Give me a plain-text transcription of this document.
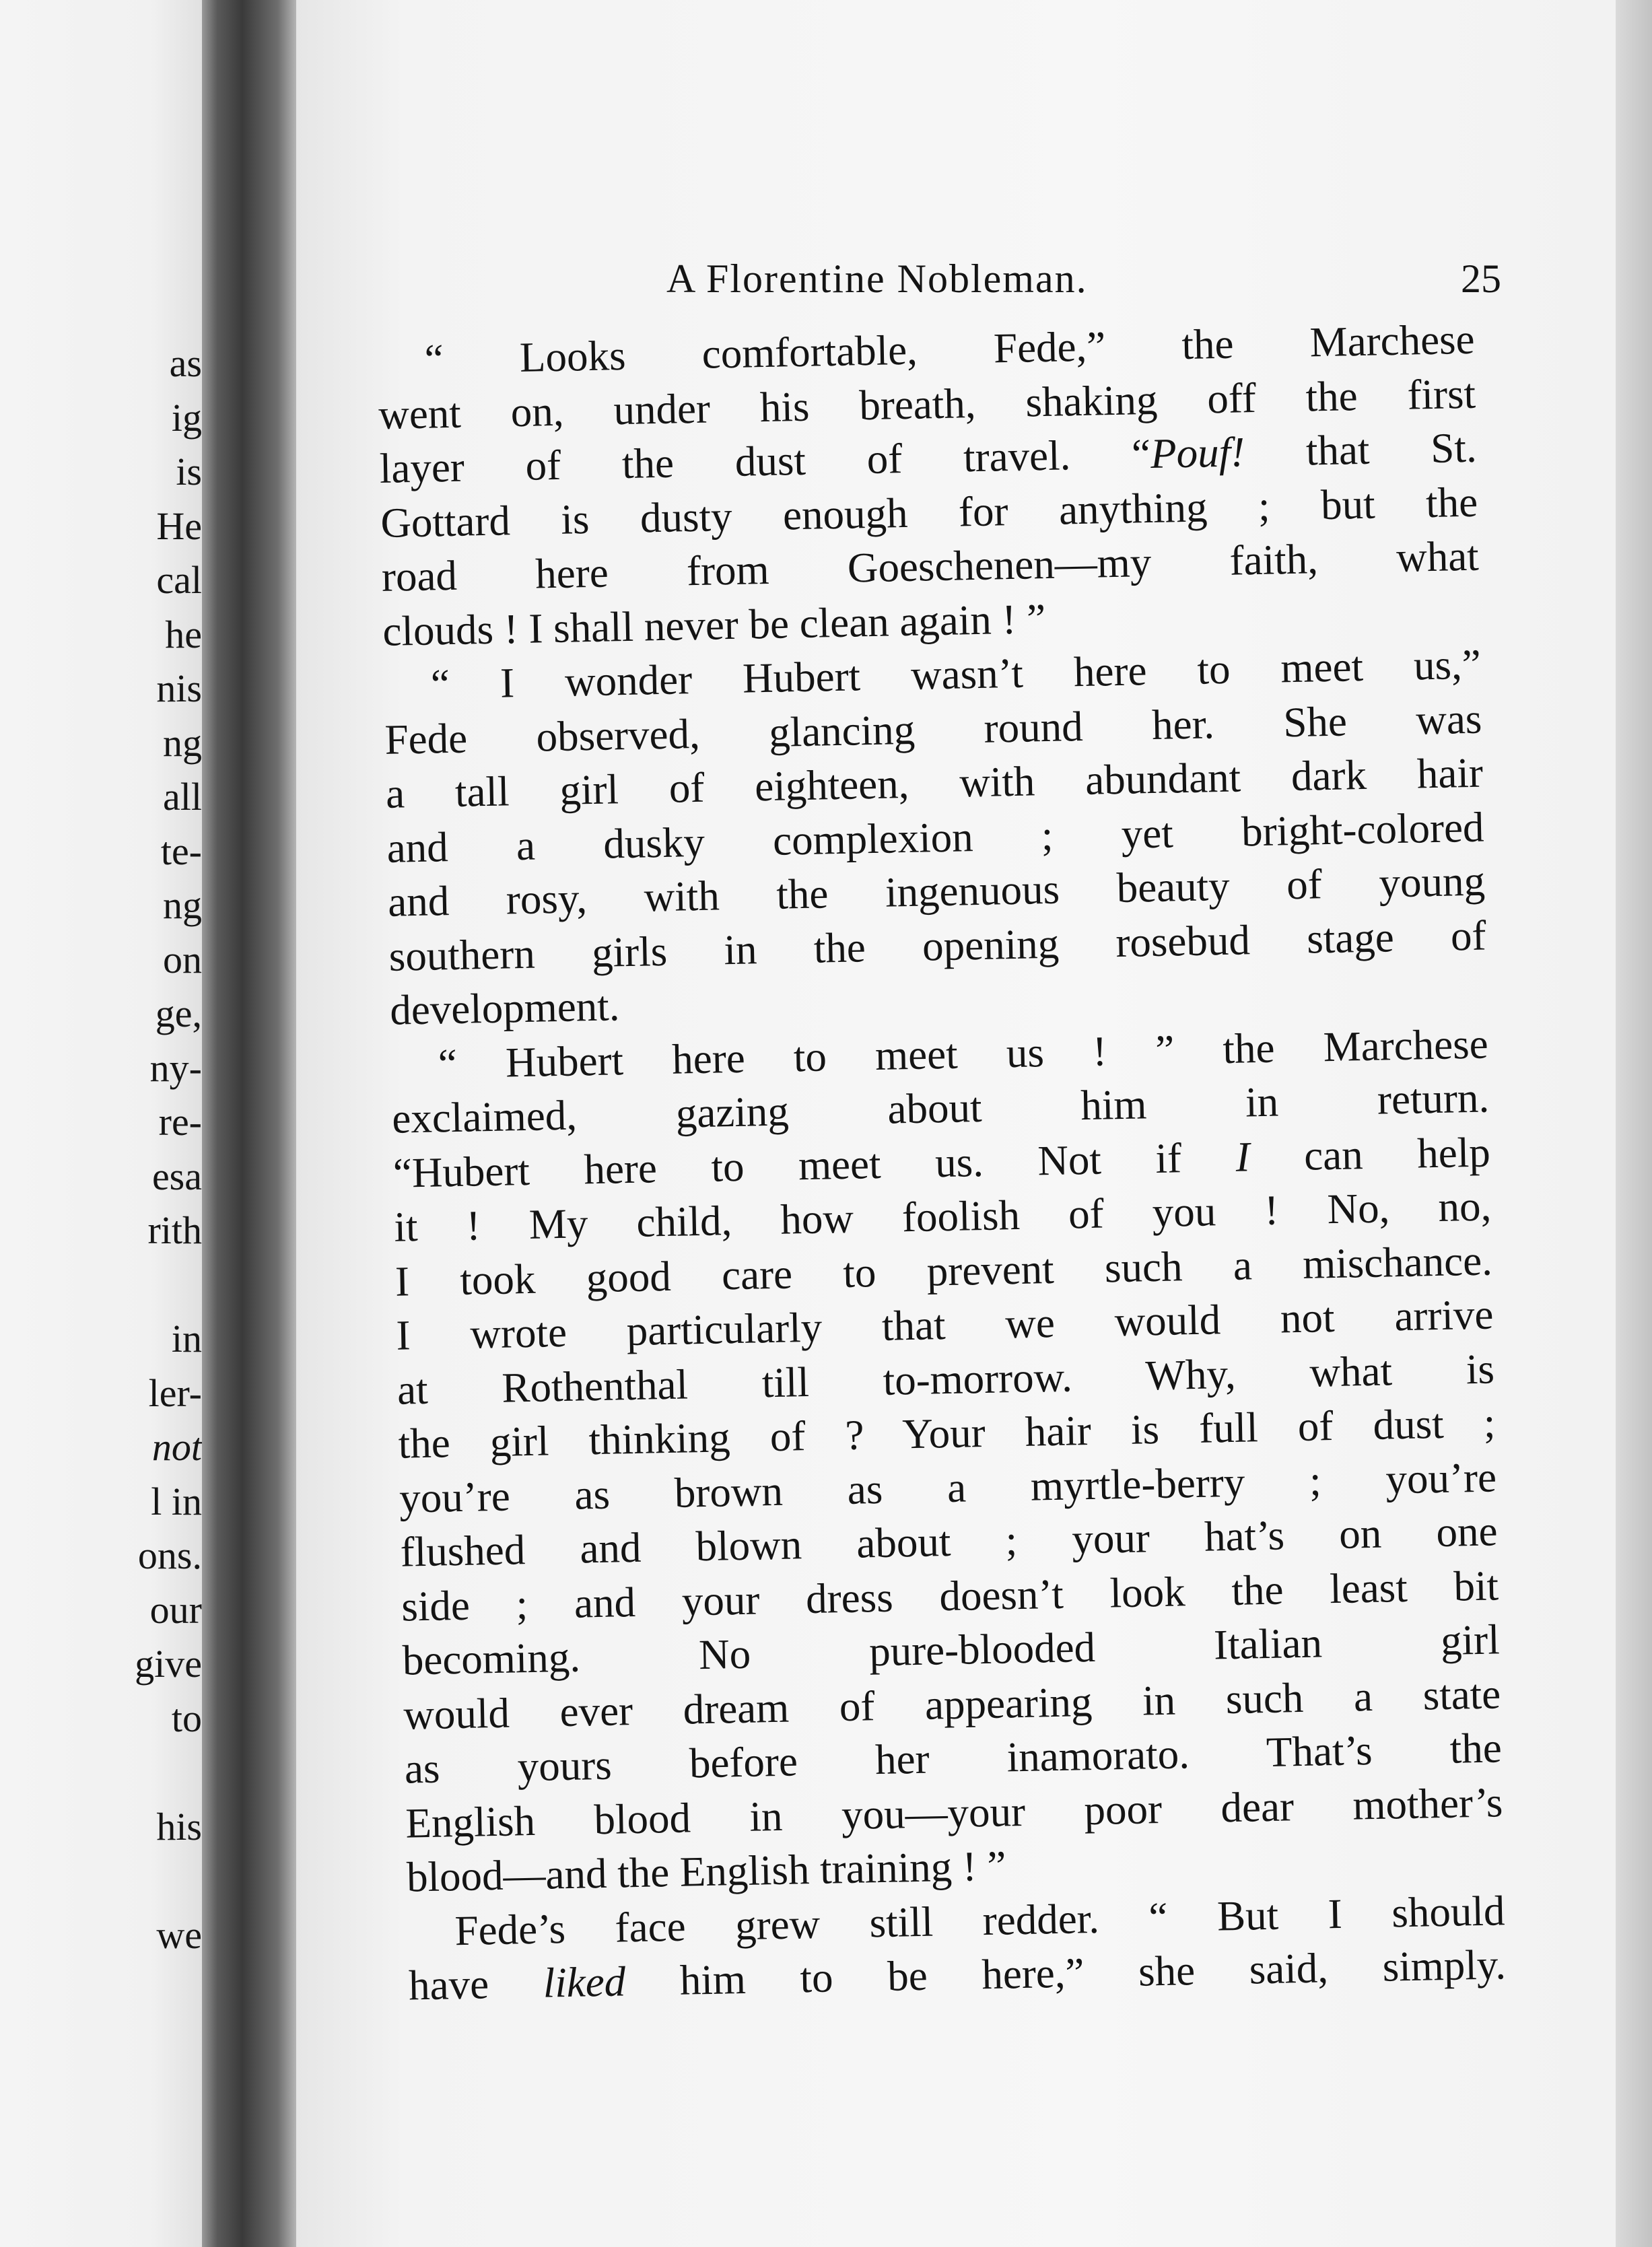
as
ig
is
He
cal
he
nis
ng
all
te-
ng
on
ge,
ny-
re-
esa
rith

in
ler-
not
l in
ons.
our
give
to

his

we
A Florentine Nobleman.	25
“ Looks comfortable, Fede,” the Marchese
went on, under his breath, shaking off the first
layer of the dust of travel. “Pouf! that St.
Gottard is dusty enough for anything ; but the
road here from Goeschenen—my faith, what
clouds ! I shall never be clean again ! ”
“ I wonder Hubert wasn’t here to meet us,”
Fede observed, glancing round her. She was
a tall girl of eighteen, with abundant dark hair
and a dusky complexion ; yet bright-colored
and rosy, with the ingenuous beauty of young
southern girls in the opening rosebud stage of
development.
“ Hubert here to meet us ! ” the Marchese
exclaimed, gazing about him in return.
“Hubert here to meet us. Not if I can help
it ! My child, how foolish of you ! No, no,
I took good care to prevent such a mischance.
I wrote particularly that we would not arrive
at Rothenthal till to-morrow. Why, what is
the girl thinking of ? Your hair is full of dust ;
you’re as brown as a myrtle-berry ; you’re
flushed and blown about ; your hat’s on one
side ; and your dress doesn’t look the least bit
becoming. No pure-blooded Italian girl
would ever dream of appearing in such a state
as yours before her inamorato. That’s the
English blood in you—your poor dear mother’s
blood—and the English training ! ”
Fede’s face grew still redder. “ But I should
have liked him to be here,” she said, simply.
